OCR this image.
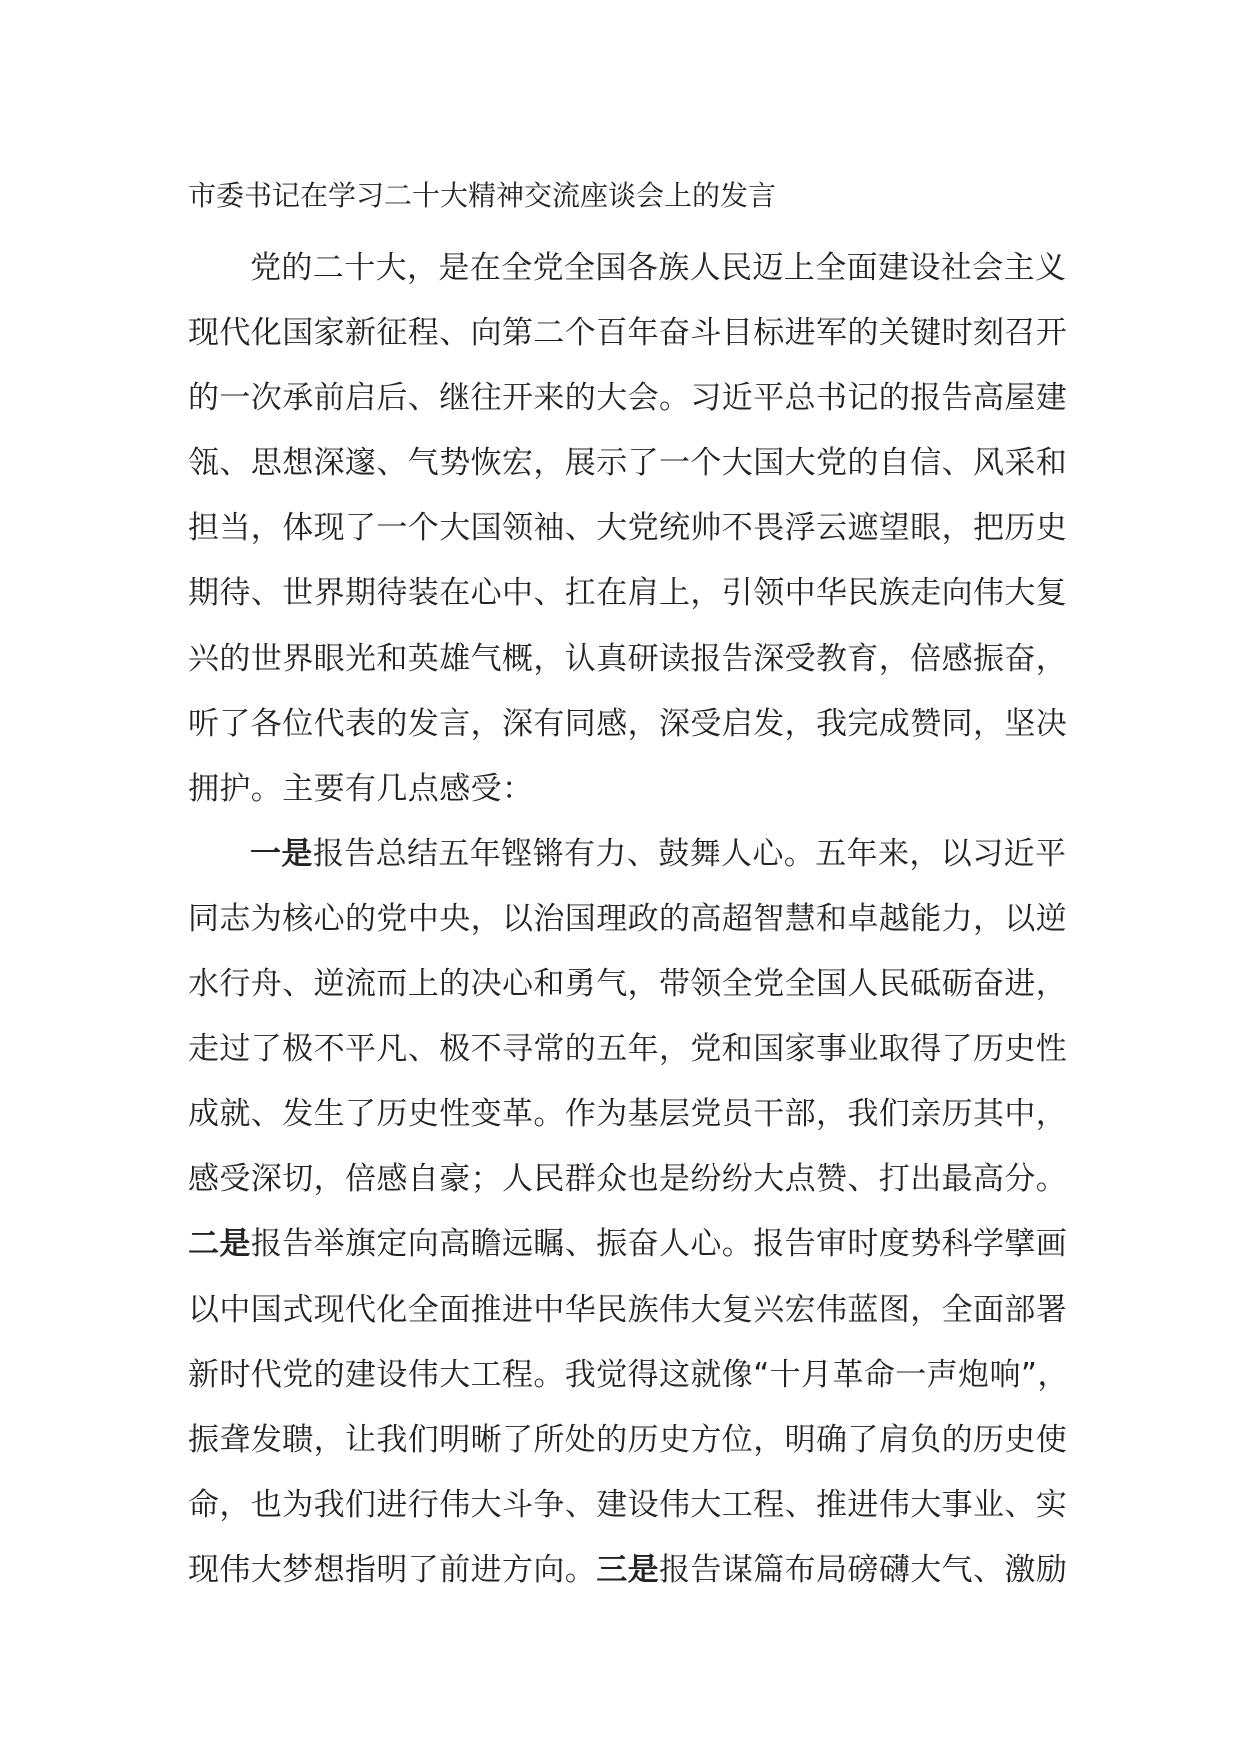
市委书记在学习二十大精神交流座谈会上的发言
党的二十大，是在全党全国各族人民迈上全面建设社会主义
现代化国家新征程、向第二个百年奋斗目标进军的关键时刻召开
的一次承前启后、继往开来的大会。习近平总书记的报告高屋建
瓴、思想深邃、气势恢宏，展示了一个大国大党的自信、风采和
担当，体现了一个大国领袖、大党统帅不畏浮云遮望眼，把历史
期待、世界期待装在心中、扛在肩上，引领中华民族走向伟大复
兴的世界眼光和英雄气概，认真研读报告深受教育，倍感振奋，
听了各位代表的发言，深有同感，深受启发，我完成赞同，坚决
拥护。主要有几点感受：
一是报告总结五年铿锵有力、鼓舞人心。五年来，以习近平
同志为核心的党中央，以治国理政的高超智慧和卓越能力，以逆
水行舟、逆流而上的决心和勇气，带领全党全国人民砥砺奋进，
走过了极不平凡、极不寻常的五年，党和国家事业取得了历史性
成就、发生了历史性变革。作为基层党员干部，我们亲历其中，
感受深切，倍感自豪；人民群众也是纷纷大点赞、打出最高分。
二是报告举旗定向高瞻远瞩、振奋人心。报告审时度势科学擘画
以中国式现代化全面推进中华民族伟大复兴宏伟蓝图，全面部署
新时代党的建设伟大工程。我觉得这就像“十月革命一声炮响”，
振聋发聩，让我们明晰了所处的历史方位，明确了肩负的历史使
命，也为我们进行伟大斗争、建设伟大工程、推进伟大事业、实
现伟大梦想指明了前进方向。三是报告谋篇布局磅礴大气、激励
